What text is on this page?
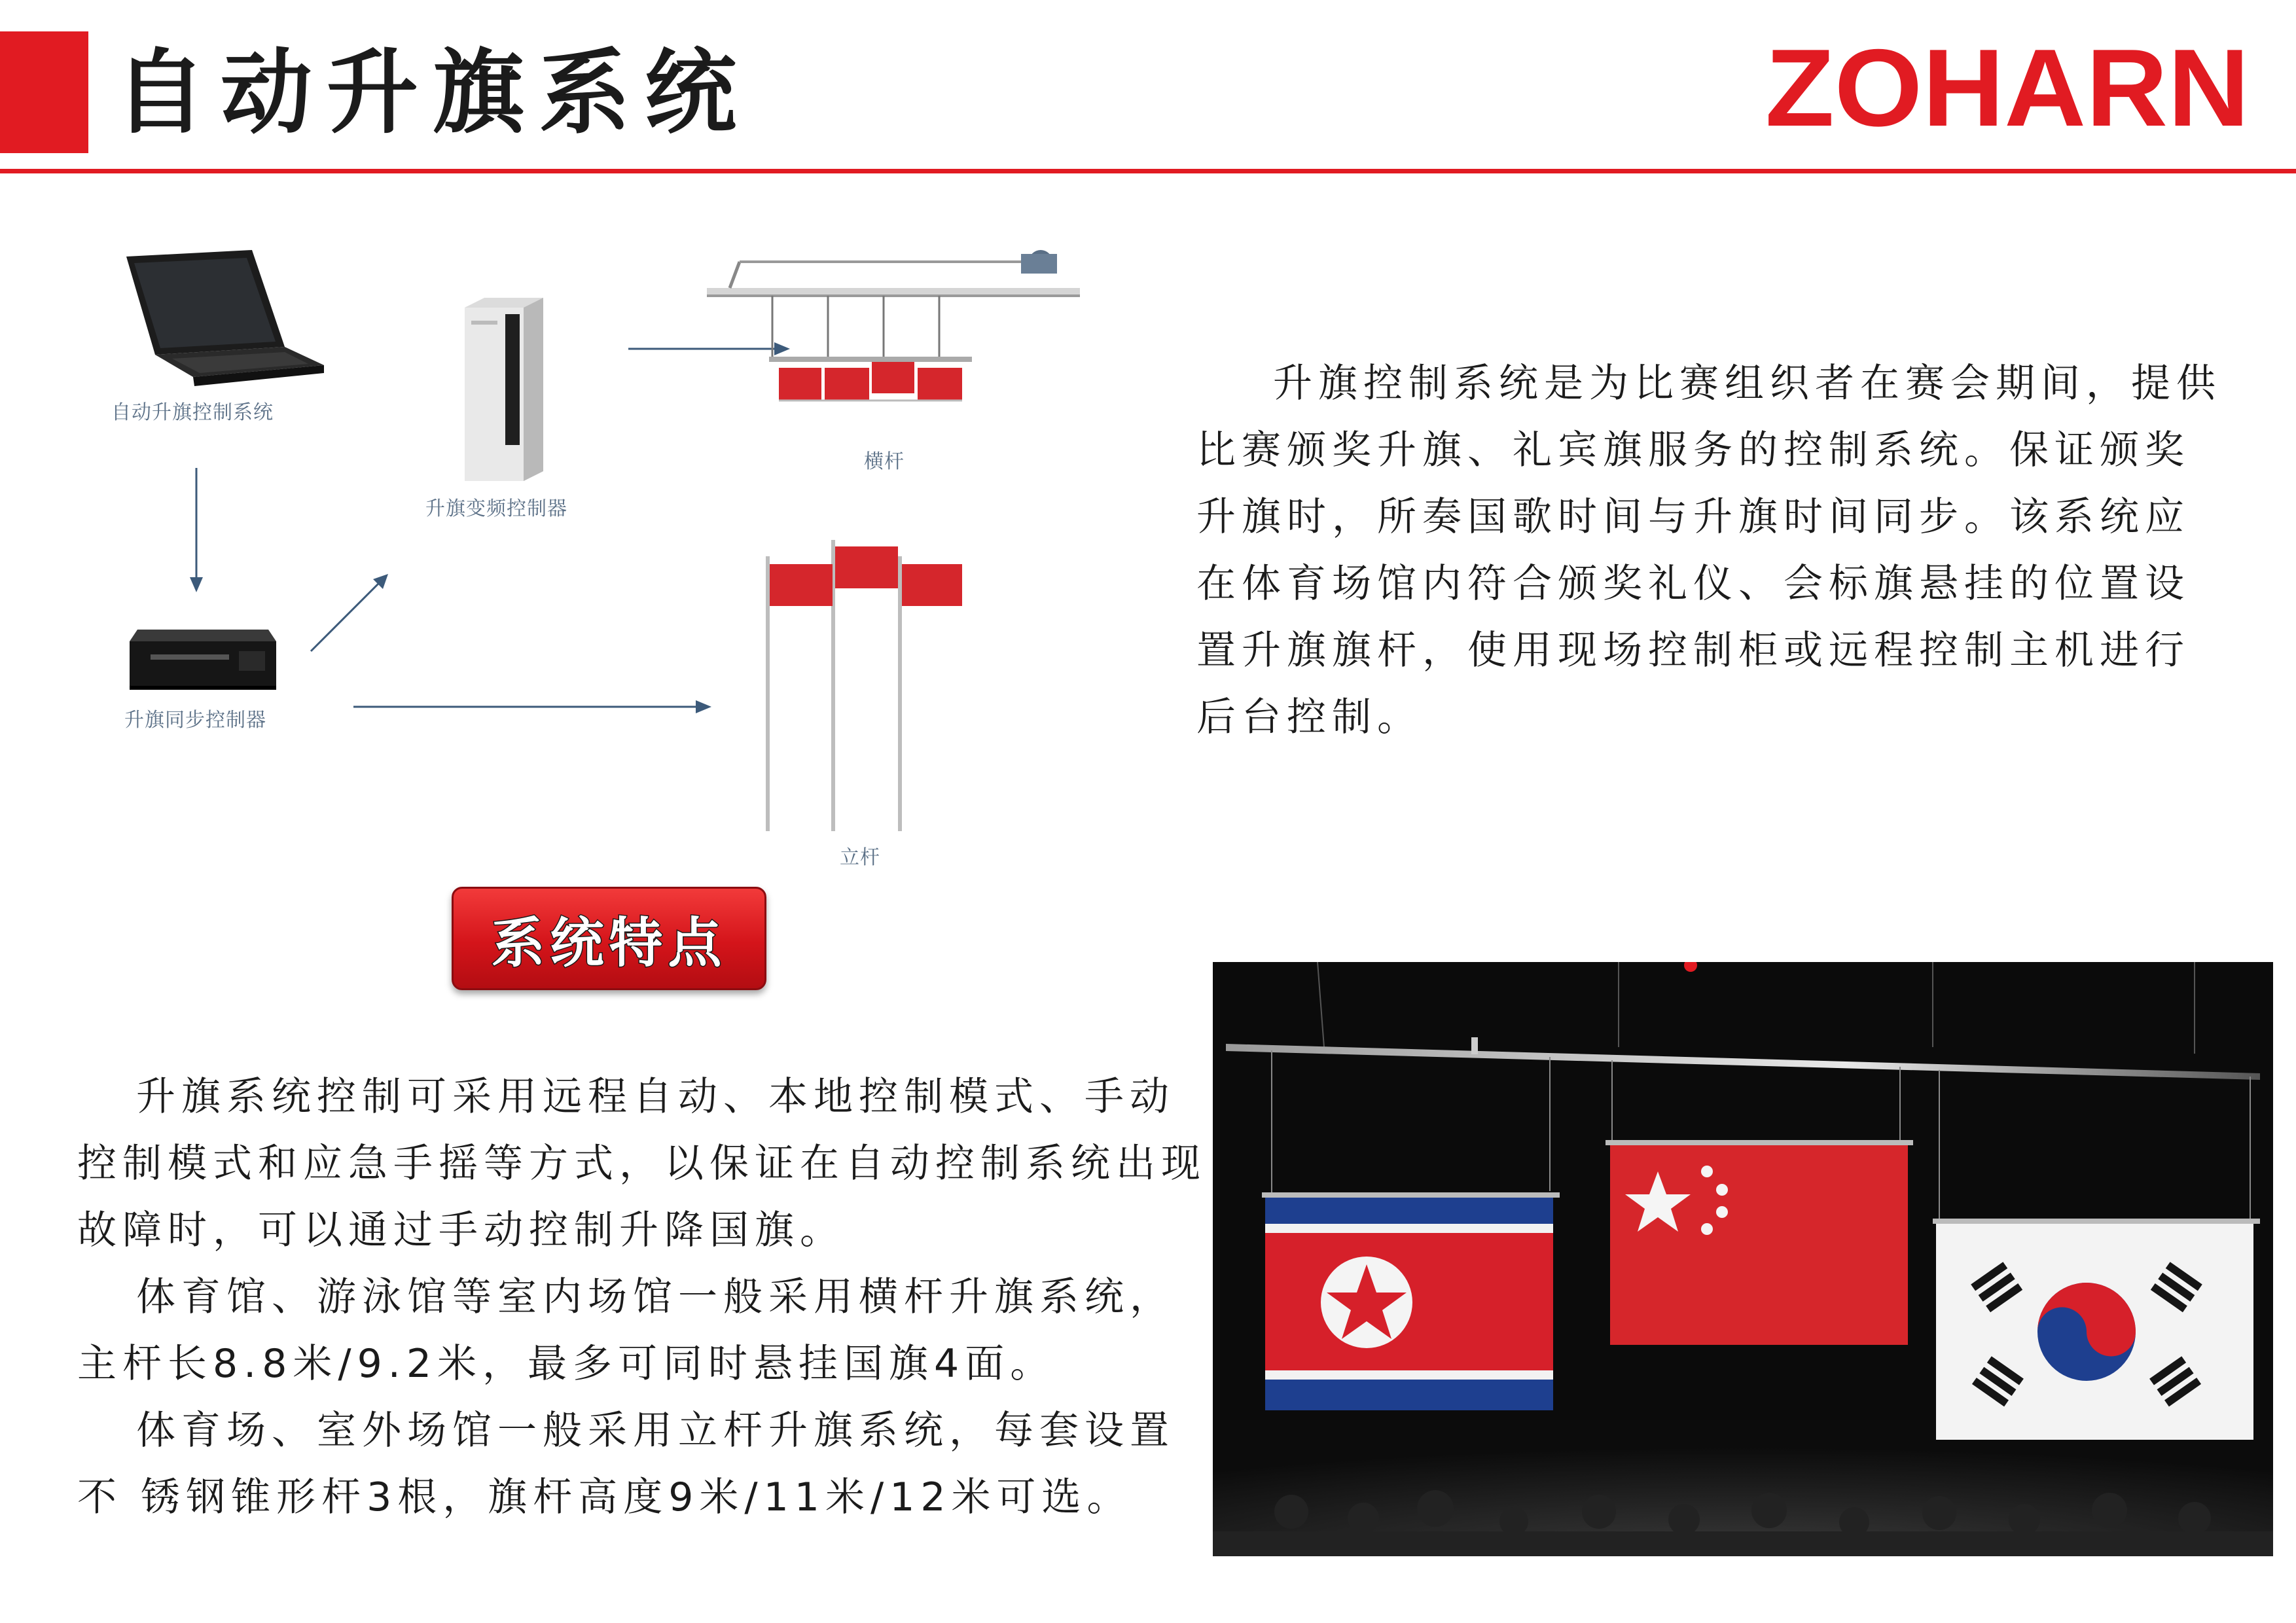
自动升旗系统	ZOHARN
自动升旗控制系统
升旗同步控制器
升旗变频控制器
横杆
立杆
升旗控制系统是为比赛组织者在赛会期间，提供比赛颁奖升旗、礼宾旗服务的控制系统。保证颁奖升旗时，所奏国歌时间与升旗时间同步。该系统应在体育场馆内符合颁奖礼仪、会标旗悬挂的位置设置升旗旗杆，使用现场控制柜或远程控制主机进行后台控制。
系统特点

升旗系统控制可采用远程自动、本地控制模式、手动控制模式和应急手摇等方式，以保证在自动控制系统出现故障时，可以通过手动控制升降国旗。

体育馆、游泳馆等室内场馆一般采用横杆升旗系统，主杆长8.8米/9.2米，最多可同时悬挂国旗4面。

体育场、室外场馆一般采用立杆升旗系统，每套设置不 锈钢锥形杆3根，旗杆高度9米/11米/12米可选。
